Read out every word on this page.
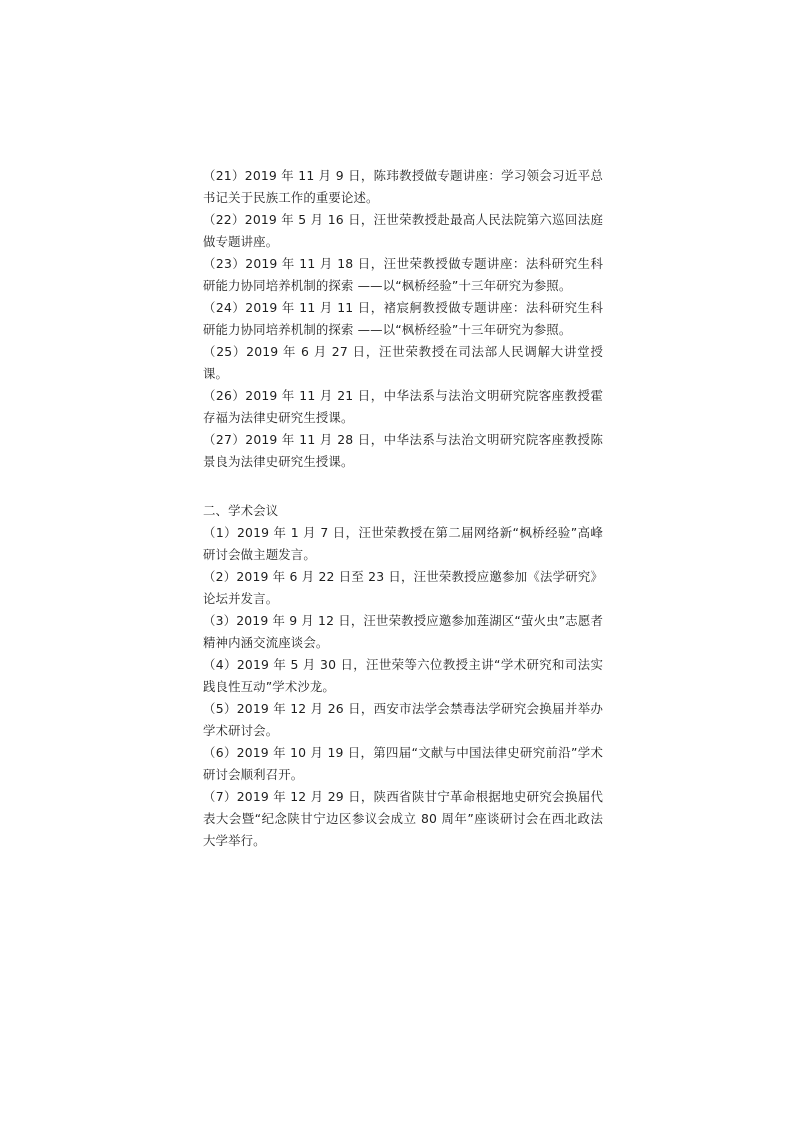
（21）2019 年 11 月 9 日，陈玮教授做专题讲座：学习领会习近平总书记关于民族工作的重要论述。

（22）2019 年 5 月 16 日，汪世荣教授赴最高人民法院第六巡回法庭做专题讲座。

（23）2019 年 11 月 18 日，汪世荣教授做专题讲座：法科研究生科研能力协同培养机制的探索 ——以“枫桥经验”十三年研究为参照。

（24）2019 年 11 月 11 日，褚宸舸教授做专题讲座：法科研究生科研能力协同培养机制的探索 ——以“枫桥经验”十三年研究为参照。

（25）2019 年 6 月 27 日，汪世荣教授在司法部人民调解大讲堂授课。

（26）2019 年 11 月 21 日，中华法系与法治文明研究院客座教授霍存福为法律史研究生授课。

（27）2019 年 11 月 28 日，中华法系与法治文明研究院客座教授陈景良为法律史研究生授课。

二、学术会议

（1）2019 年 1 月 7 日，汪世荣教授在第二届网络新“枫桥经验”高峰研讨会做主题发言。

（2）2019 年 6 月 22 日至 23 日，汪世荣教授应邀参加《法学研究》论坛并发言。

（3）2019 年 9 月 12 日，汪世荣教授应邀参加莲湖区“萤火虫”志愿者精神内涵交流座谈会。

（4）2019 年 5 月 30 日，汪世荣等六位教授主讲“学术研究和司法实践良性互动”学术沙龙。

（5）2019 年 12 月 26 日，西安市法学会禁毒法学研究会换届并举办学术研讨会。

（6）2019 年 10 月 19 日，第四届“文献与中国法律史研究前沿”学术研讨会顺利召开。

（7）2019 年 12 月 29 日，陕西省陕甘宁革命根据地史研究会换届代表大会暨“纪念陕甘宁边区参议会成立 80 周年”座谈研讨会在西北政法大学举行。
